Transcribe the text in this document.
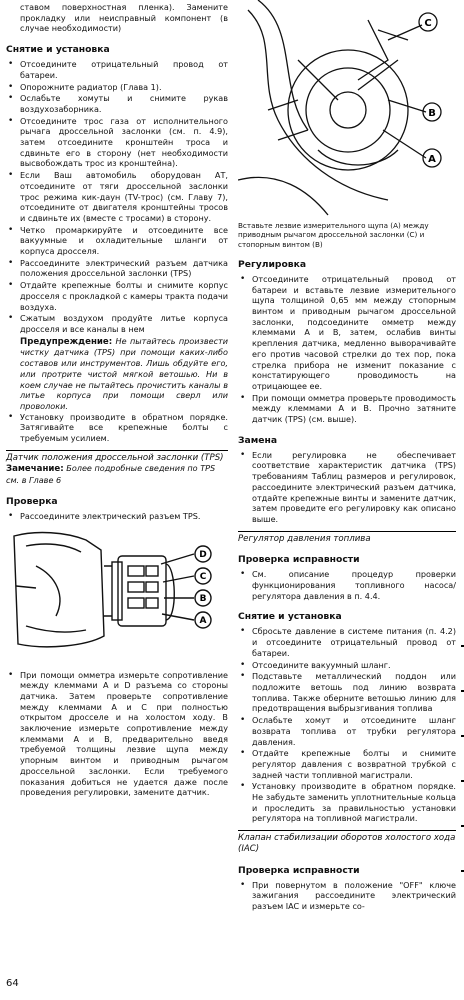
ставом поверхностная пленка). Замените прокладку или неисправный компонент (в случае необходимости)
Снятие и установка
• Отсоедините отрицательный провод от батареи.
• Опорожните радиатор (Глава 1).
• Ослабьте хомуты и снимите рукав воздухозаборника.
• Отсоедините трос газа от исполнительного рычага дроссельной заслонки (см. п. 4.9), затем отсоедините кронштейн троса и сдвиньте его в сторону (нет необходимости высвобождать трос из кронштейна).
• Если Ваш автомобиль оборудован АТ, отсоедините от тяги дроссельной заслонки трос режима кик-даун (TV-трос) (см. Главу 7), отсоедините от двигателя кронштейны тросов и сдвиньте их (вместе с тросами) в сторону.
• Четко промаркируйте и отсоедините все вакуумные и охладительные шланги от корпуса дросселя.
• Рассоедините электрический разъем датчика положения дроссельной заслонки (TPS)
• Отдайте крепежные болты и снимите корпус дросселя с прокладкой с камеры тракта подачи воздуха.
• Сжатым воздухом продуйте литье корпуса дросселя и все каналы в нем
Предупреждение: Не пытайтесь произвести чистку датчика (TPS) при помощи каких-либо составов или инструментов. Лишь обдуйте его, или протрите чистой мягкой ветошью. Ни в коем случае не пытайтесь прочистить каналы в литье корпуса при помощи сверл или проволоки.
• Установку производите в обратном порядке. Затягивайте все крепежные болты с требуемым усилием.
Датчик положения дроссельной заслонки (TPS)
Замечание: Более подробные сведения по TPS см. в Главе 6
Проверка
• Рассоедините электрический разъем TPS.
D
C
B
A
• При помощи омметра измерьте сопротивление между клеммами A и D разъема со стороны датчика. Затем проверьте сопротивление между клеммами A и C при полностью открытом дросселе и на холостом ходу. В заключение измерьте сопротивление между клеммами A и B, предварительно введя требуемой толщины лезвие щупа между упорным винтом и приводным рычагом дроссельной заслонки. Если требуемого показания добиться не удается даже после проведения регулировки, замените датчик.
B
C
A
Вставьте лезвие измерительного щупа (A) между приводным рычагом дроссельной заслонки (C) и стопорным винтом (B)
Регулировка
• Отсоедините отрицательный провод от батареи и вставьте лезвие измерительного щупа толщиной 0,65 мм между стопорным винтом и приводным рычагом дроссельной заслонки, подсоедините омметр между клеммами A и B, затем, ослабив винты крепления датчика, медленно выворачивайте его против часовой стрелки до тех пор, пока стрелка прибора не изменит показание с констатирующего проводимость на отрицающее ее.
• При помощи омметра проверьте проводимость между клеммами A и B. Прочно затяните датчик (TPS) (см. выше).
Замена
• Если регулировка не обеспечивает соответствие характеристик датчика (TPS) требованиям Таблиц размеров и регулировок, рассоедините электрический разъем датчика, отдайте крепежные винты и замените датчик, затем проведите его регулировку как описано выше.
Регулятор давления топлива
Проверка исправности
• См. описание процедур проверки функционирования топливного насоса/регулятора давления в п. 4.4.
Снятие и установка
• Сбросьте давление в системе питания (п. 4.2) и отсоедините отрицательный провод от батареи.
• Отсоедините вакуумный шланг.
• Подставьте металлический поддон или подложите ветошь под линию возврата топлива. Также оберните ветошью линию для предотвращения выбрызгивания топлива
• Ослабьте хомут и отсоедините шланг возврата топлива от трубки регулятора давления.
• Отдайте крепежные болты и снимите регулятор давления с возвратной трубкой с задней части топливной магистрали.
• Установку производите в обратном порядке. Не забудьте заменить уплотнительные кольца и проследить за правильностью установки регулятора на топливной магистрали.
Клапан стабилизации оборотов холостого хода (IAC)
Проверка исправности
• При повернутом в положение "OFF" ключе зажигания рассоедините электрический разъем IAC и измерьте со-
64
